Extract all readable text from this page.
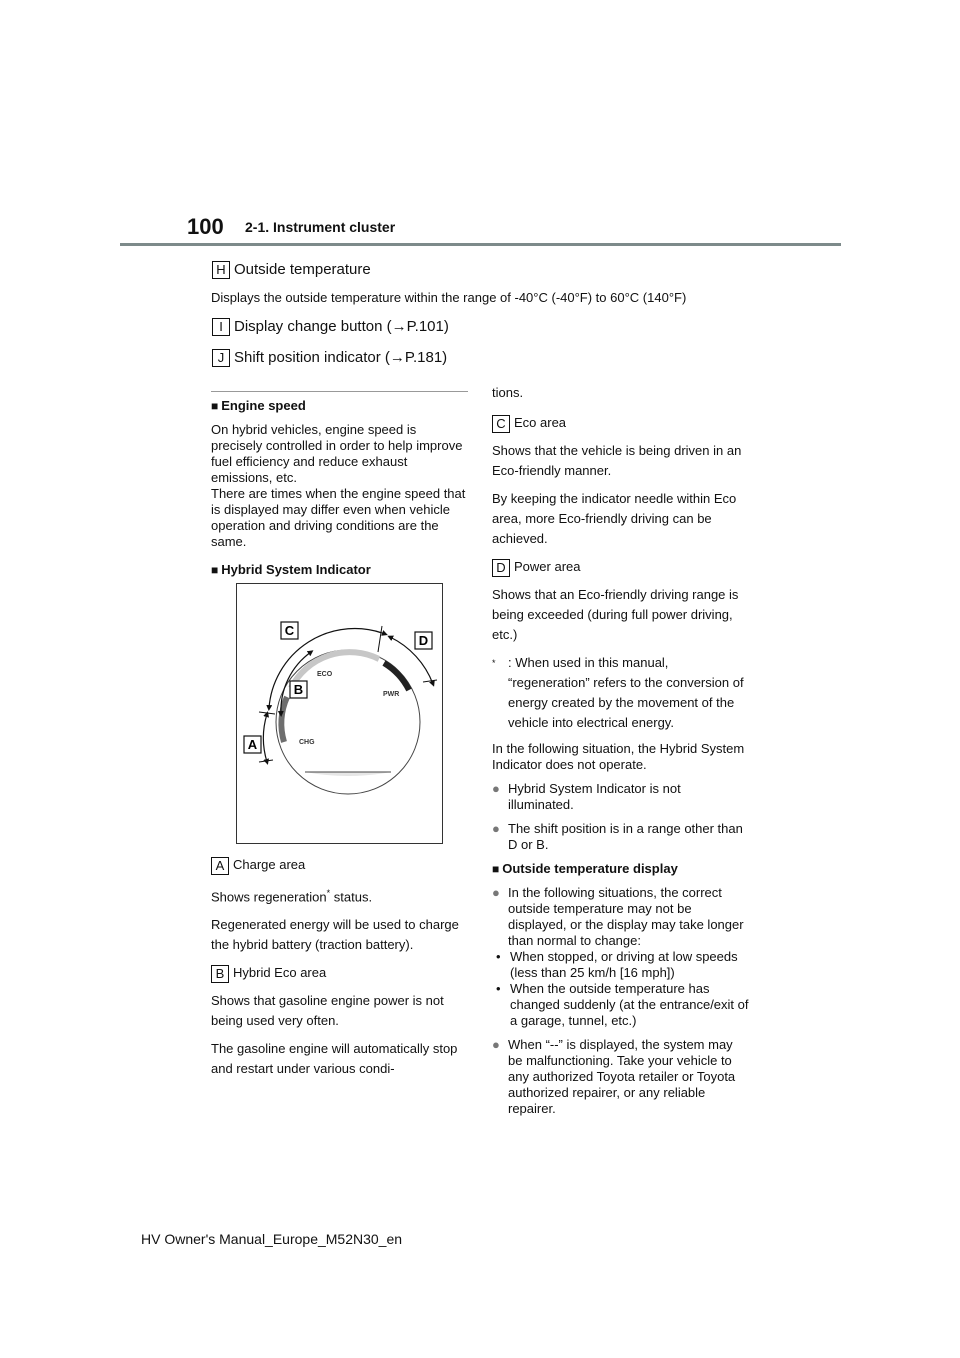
100 2-1. Instrument cluster
H Outside temperature
Displays the outside temperature within the range of -40°C (-40°F) to 60°C (140°F)
I Display change button (→P.101)
J Shift position indicator (→P.181)

■ Engine speed

On hybrid vehicles, engine speed is precisely controlled in order to help improve fuel efficiency and reduce exhaust emissions, etc.

There are times when the engine speed that is displayed may differ even when vehicle operation and driving conditions are the same.

■ Hybrid System Indicator

ECO
PWR
CHG
C
D
B
A

A Charge area

Shows regeneration* status.

Regenerated energy will be used to charge the hybrid battery (traction battery).

B Hybrid Eco area

Shows that gasoline engine power is not being used very often.

The gasoline engine will automatically stop and restart under various condi-

tions.

C Eco area

Shows that the vehicle is being driven in an Eco-friendly manner.

By keeping the indicator needle within Eco area, more Eco-friendly driving can be achieved.

D Power area

Shows that an Eco-friendly driving range is being exceeded (during full power driving, etc.)

* : When used in this manual, “regeneration” refers to the conversion of energy created by the movement of the vehicle into electrical energy.

In the following situation, the Hybrid System Indicator does not operate.

● Hybrid System Indicator is not illuminated.
● The shift position is in a range other than D or B.

■ Outside temperature display

● In the following situations, the correct outside temperature may not be displayed, or the display may take longer than normal to change:
• When stopped, or driving at low speeds (less than 25 km/h [16 mph])
• When the outside temperature has changed suddenly (at the entrance/exit of a garage, tunnel, etc.)
● When “--” is displayed, the system may be malfunctioning. Take your vehicle to any authorized Toyota retailer or Toyota authorized repairer, or any reliable repairer.
HV Owner's Manual_Europe_M52N30_en
